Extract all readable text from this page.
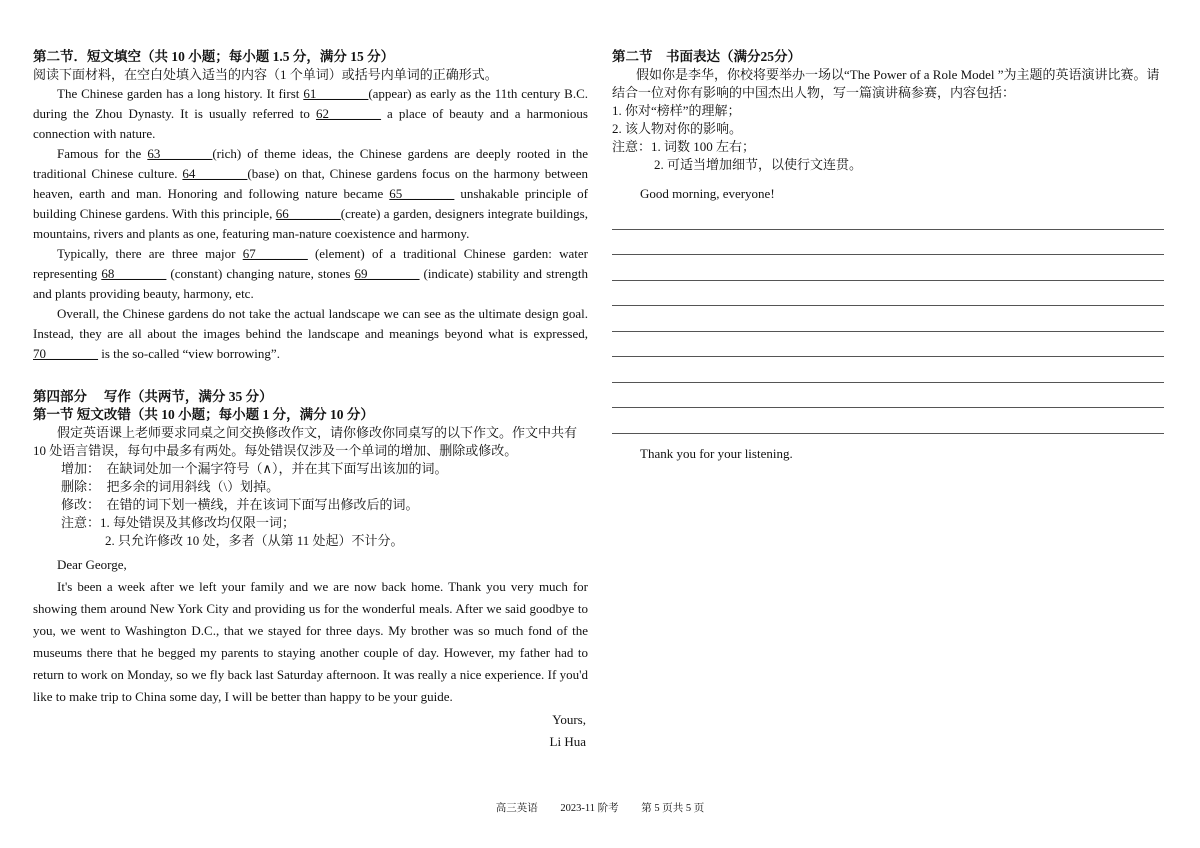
第二节．短文填空（共 10 小题；每小题 1.5 分，满分 15 分）

阅读下面材料，在空白处填入适当的内容（1 个单词）或括号内单词的正确形式。

The Chinese garden has a long history. It first 61________(appear) as early as the 11th century B.C. during the Zhou Dynasty. It is usually referred to 62________ a place of beauty and a harmonious connection with nature.

Famous for the 63________(rich) of theme ideas, the Chinese gardens are deeply rooted in the traditional Chinese culture. 64________(base) on that, Chinese gardens focus on the harmony between heaven, earth and man. Honoring and following nature became 65________ unshakable principle of building Chinese gardens. With this principle, 66________(create) a garden, designers integrate buildings, mountains, rivers and plants as one, featuring man-nature coexistence and harmony.

Typically, there are three major 67________ (element) of a traditional Chinese garden: water representing 68________ (constant) changing nature, stones 69________ (indicate) stability and strength and plants providing beauty, harmony, etc.

Overall, the Chinese gardens do not take the actual landscape we can see as the ultimate design goal. Instead, they are all about the images behind the landscape and meanings beyond what is expressed, 70________ is the so-called “view borrowing”.

第四部分　 写作（共两节，满分 35 分）

第一节 短文改错（共 10 小题；每小题 1 分，满分 10 分）

假定英语课上老师要求同桌之间交换修改作文，请你修改你同桌写的以下作文。作文中共有 10 处语言错误，每句中最多有两处。每处错误仅涉及一个单词的增加、删除或修改。

增加：　在缺词处加一个漏字符号（∧），并在其下面写出该加的词。

删除：　把多余的词用斜线（\）划掉。

修改：　在错的词下划一横线，并在该词下面写出修改后的词。

注意：1. 每处错误及其修改均仅限一词；

2. 只允许修改 10 处，多者（从第 11 处起）不计分。

Dear George,

It's been a week after we left your family and we are now back home. Thank you very much for showing them around New York City and providing us for the wonderful meals. After we said goodbye to you, we went to Washington D.C., that we stayed for three days. My brother was so much fond of the museums there that he begged my parents to staying another couple of day. However, my father had to return to work on Monday, so we fly back last Saturday afternoon. It was really a nice experience. If you'd like to make trip to China some day, I will be better than happy to be your guide.

Yours,

Li Hua

第二节　书面表达（满分25分）

假如你是李华，你校将要举办一场以“The Power of a Role Model ”为主题的英语演讲比赛。请结合一位对你有影响的中国杰出人物，写一篇演讲稿参赛，内容包括：

1. 你对“榜样”的理解；

2. 该人物对你的影响。

注意：1. 词数 100 左右；

2. 可适当增加细节，以使行文连贯。

Good morning, everyone!

Thank you for your listening.

高三英语 2023-11 阶考 第 5 页共 5 页
